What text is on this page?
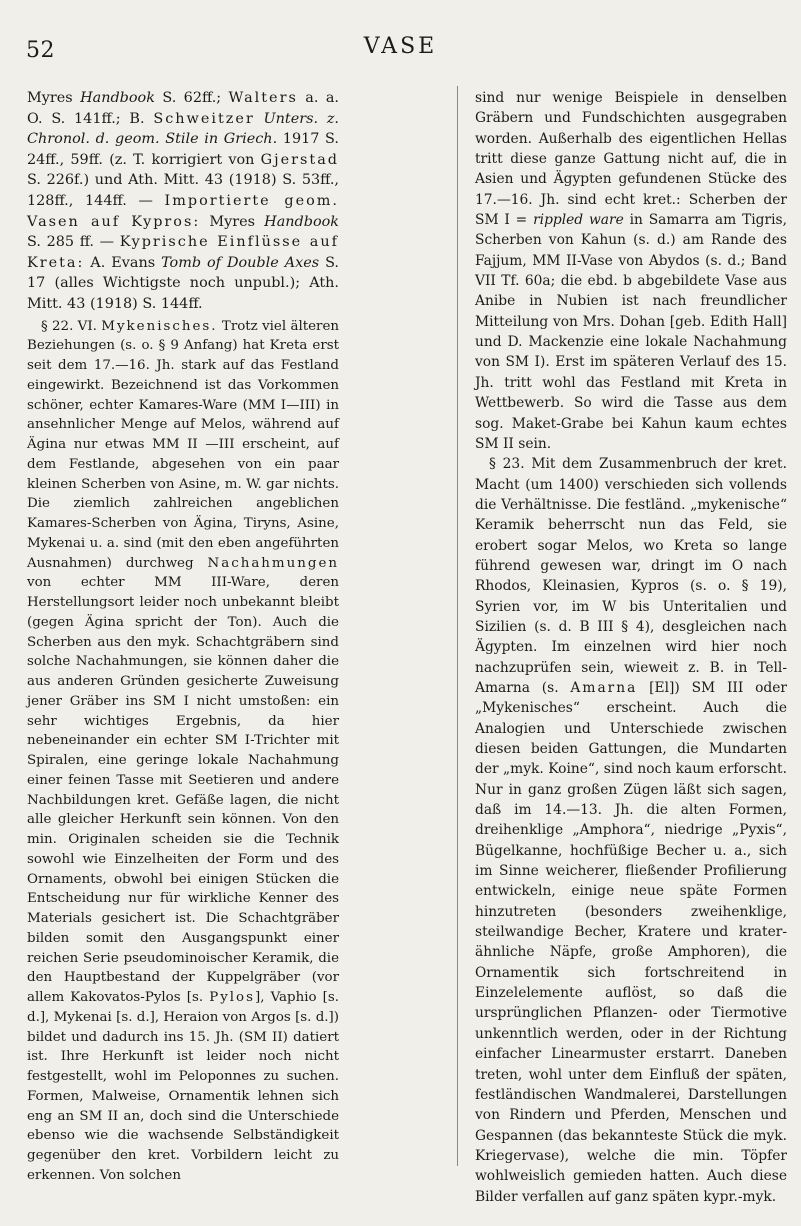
52	VASE

Myres Handbook S. 62ff.; Walters a. a. O. S. 141ff.; B. Schweitzer Unters. z. Chronol. d. geom. Stile in Griech. 1917 S. 24ff., 59ff. (z. T. korrigiert von Gjerstad S. 226f.) und Ath. Mitt. 43 (1918) S. 53ff., 128ff., 144ff. — Importierte geom. Vasen auf Kypros: Myres Handbook S. 285 ff. — Kyprische Einflüsse auf Kreta: A. Evans Tomb of Double Axes S. 17 (alles Wichtigste noch unpubl.); Ath. Mitt. 43 (1918) S. 144ff.

§ 22. VI. Mykenisches. Trotz viel älteren Beziehungen (s. o. § 9 Anfang) hat Kreta erst seit dem 17.—16. Jh. stark auf das Festland eingewirkt. Bezeichnend ist das Vorkommen schöner, echter Kamares-Ware (MM I—III) in ansehnlicher Menge auf Melos, während auf Ägina nur etwas MM II —III erscheint, auf dem Festlande, abgesehen von ein paar kleinen Scherben von Asine, m. W. gar nichts. Die ziemlich zahlreichen angeblichen Kamares-Scherben von Ägina, Tiryns, Asine, Mykenai u. a. sind (mit den eben angeführten Ausnahmen) durchweg Nachahmungen von echter MM III-Ware, deren Herstellungsort leider noch unbekannt bleibt (gegen Ägina spricht der Ton). Auch die Scherben aus den myk. Schachtgräbern sind solche Nachahmungen, sie können daher die aus anderen Gründen gesicherte Zuweisung jener Gräber ins SM I nicht umstoßen: ein sehr wichtiges Ergebnis, da hier nebeneinander ein echter SM I-Trichter mit Spiralen, eine geringe lokale Nachahmung einer feinen Tasse mit Seetieren und andere Nachbildungen kret. Gefäße lagen, die nicht alle gleicher Herkunft sein können. Von den min. Originalen scheiden sie die Technik sowohl wie Einzelheiten der Form und des Ornaments, obwohl bei einigen Stücken die Entscheidung nur für wirkliche Kenner des Materials gesichert ist. Die Schachtgräber bilden somit den Ausgangspunkt einer reichen Serie pseudominoischer Keramik, die den Hauptbestand der Kuppelgräber (vor allem Kakovatos-Pylos [s. Pylos], Vaphio [s. d.], Mykenai [s. d.], Heraion von Argos [s. d.]) bildet und dadurch ins 15. Jh. (SM II) datiert ist. Ihre Herkunft ist leider noch nicht festgestellt, wohl im Peloponnes zu suchen. Formen, Malweise, Ornamentik lehnen sich eng an SM II an, doch sind die Unterschiede ebenso wie die wachsende Selbständigkeit gegenüber den kret. Vorbildern leicht zu erkennen. Von solchen

sind nur wenige Beispiele in denselben Gräbern und Fundschichten ausgegraben worden. Außerhalb des eigentlichen Hellas tritt diese ganze Gattung nicht auf, die in Asien und Ägypten gefundenen Stücke des 17.—16. Jh. sind echt kret.: Scherben der SM I = rippled ware in Samarra am Tigris, Scherben von Kahun (s. d.) am Rande des Fajjum, MM II-Vase von Abydos (s. d.; Band VII Tf. 60a; die ebd. b abgebildete Vase aus Anibe in Nubien ist nach freundlicher Mitteilung von Mrs. Dohan [geb. Edith Hall] und D. Mackenzie eine lokale Nachahmung von SM I). Erst im späteren Verlauf des 15. Jh. tritt wohl das Festland mit Kreta in Wettbewerb. So wird die Tasse aus dem sog. Maket-Grabe bei Kahun kaum echtes SM II sein.

§ 23. Mit dem Zusammenbruch der kret. Macht (um 1400) verschieden sich vollends die Verhältnisse. Die festländ. „mykenische“ Keramik beherrscht nun das Feld, sie erobert sogar Melos, wo Kreta so lange führend gewesen war, dringt im O nach Rhodos, Kleinasien, Kypros (s. o. § 19), Syrien vor, im W bis Unteritalien und Sizilien (s. d. B III § 4), desgleichen nach Ägypten. Im einzelnen wird hier noch nachzuprüfen sein, wieweit z. B. in Tell-Amarna (s. Amarna [El]) SM III oder „Mykenisches“ erscheint. Auch die Analogien und Unterschiede zwischen diesen beiden Gattungen, die Mundarten der „myk. Koine“, sind noch kaum erforscht. Nur in ganz großen Zügen läßt sich sagen, daß im 14.—13. Jh. die alten Formen, dreihenklige „Amphora“, niedrige „Pyxis“, Bügelkanne, hochfüßige Becher u. a., sich im Sinne weicherer, fließender Profilierung entwickeln, einige neue späte Formen hinzutreten (besonders zweihenklige, steilwandige Becher, Kratere und krater-ähnliche Näpfe, große Amphoren), die Ornamentik sich fortschreitend in Einzelelemente auflöst, so daß die ursprünglichen Pflanzen- oder Tiermotive unkenntlich werden, oder in der Richtung einfacher Linearmuster erstarrt. Daneben treten, wohl unter dem Einfluß der späten, festländischen Wandmalerei, Darstellungen von Rindern und Pferden, Menschen und Gespannen (das bekannteste Stück die myk. Kriegervase), welche die min. Töpfer wohlweislich gemieden hatten. Auch diese Bilder verfallen auf ganz späten kypr.-myk.
